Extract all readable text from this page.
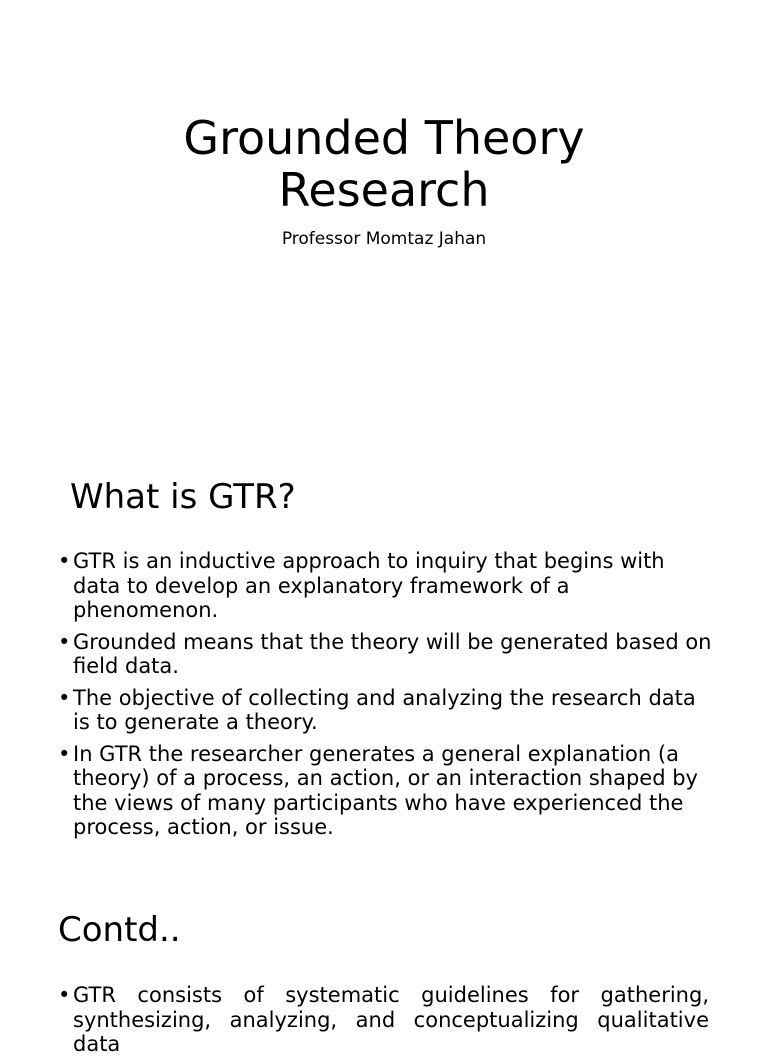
Grounded Theory
Research

Professor Momtaz Jahan

What is GTR?
• GTR is an inductive approach to inquiry that begins with data to develop an explanatory framework of a phenomenon.
• Grounded means that the theory will be generated based on field data.
• The objective of collecting and analyzing the research data is to generate a theory.
• In GTR the researcher generates a general explanation (a theory) of a process, an action, or an interaction shaped by the views of many participants who have experienced the process, action, or issue.
Contd..
• GTR consists of systematic guidelines for gathering, synthesizing, analyzing, and conceptualizing qualitative data
